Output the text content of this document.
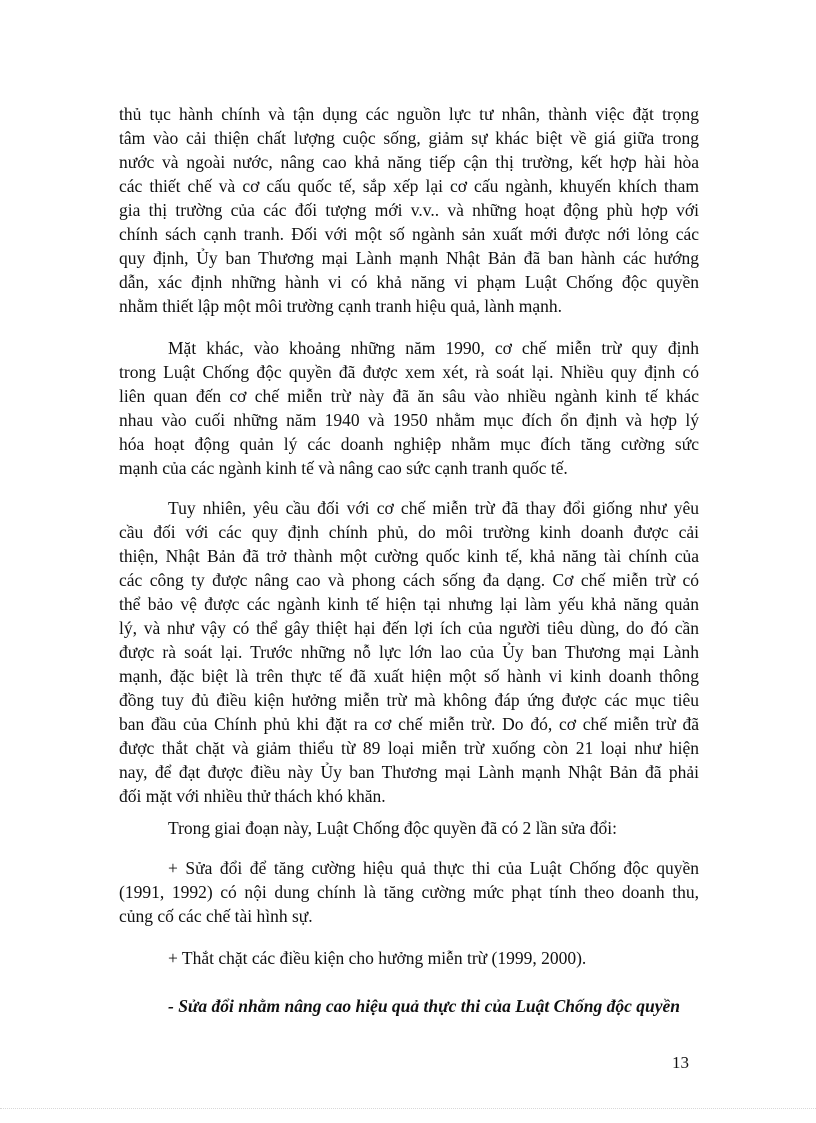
thủ tục hành chính và tận dụng các nguồn lực tư nhân, thành việc đặt trọng
tâm vào cải thiện chất lượng cuộc sống, giảm sự khác biệt về giá giữa trong
nước và ngoài nước, nâng cao khả năng tiếp cận thị trường, kết hợp hài hòa
các thiết chế và cơ cấu quốc tế, sắp xếp lại cơ cấu ngành, khuyến khích tham
gia thị trường của các đối tượng mới v.v.. và những hoạt động phù hợp với
chính sách cạnh tranh. Đối với một số ngành sản xuất mới được nới lỏng các
quy định, Ủy ban Thương mại Lành mạnh Nhật Bản đã ban hành các hướng
dẫn, xác định những hành vi có khả năng vi phạm Luật Chống độc quyền
nhằm thiết lập một môi trường cạnh tranh hiệu quả, lành mạnh.
Mặt khác, vào khoảng những năm 1990, cơ chế miễn trừ quy định
trong Luật Chống độc quyền đã được xem xét, rà soát lại. Nhiều quy định có
liên quan đến cơ chế miễn trừ này đã ăn sâu vào nhiều ngành kinh tế khác
nhau vào cuối những năm 1940 và 1950 nhằm mục đích ổn định và hợp lý
hóa hoạt động quản lý các doanh nghiệp nhằm mục đích tăng cường sức
mạnh của các ngành kinh tế và nâng cao sức cạnh tranh quốc tế.
Tuy nhiên, yêu cầu đối với cơ chế miễn trừ đã thay đổi giống như yêu
cầu đối với các quy định chính phủ, do môi trường kinh doanh được cải
thiện, Nhật Bản đã trở thành một cường quốc kinh tế, khả năng tài chính của
các công ty được nâng cao và phong cách sống đa dạng. Cơ chế miễn trừ có
thể bảo vệ được các ngành kinh tế hiện tại nhưng lại làm yếu khả năng quản
lý, và như vậy có thể gây thiệt hại đến lợi ích của người tiêu dùng, do đó cần
được rà soát lại. Trước những nỗ lực lớn lao của Ủy ban Thương mại Lành
mạnh, đặc biệt là trên thực tế đã xuất hiện một số hành vi kinh doanh thông
đồng tuy đủ điều kiện hưởng miễn trừ mà không đáp ứng được các mục tiêu
ban đầu của Chính phủ khi đặt ra cơ chế miễn trừ. Do đó, cơ chế miễn trừ đã
được thắt chặt và giảm thiểu từ 89 loại miễn trừ xuống còn 21 loại như hiện
nay, để đạt được điều này Ủy ban Thương mại Lành mạnh Nhật Bản đã phải
đối mặt với nhiều thử thách khó khăn.
Trong giai đoạn này, Luật Chống độc quyền đã có 2 lần sửa đổi:
+ Sửa đổi để tăng cường hiệu quả thực thi của Luật Chống độc quyền
(1991, 1992) có nội dung chính là tăng cường mức phạt tính theo doanh thu,
củng cố các chế tài hình sự.
+ Thắt chặt các điều kiện cho hưởng miễn trừ (1999, 2000).
- Sửa đổi nhằm nâng cao hiệu quả thực thi của Luật Chống độc quyền
13
